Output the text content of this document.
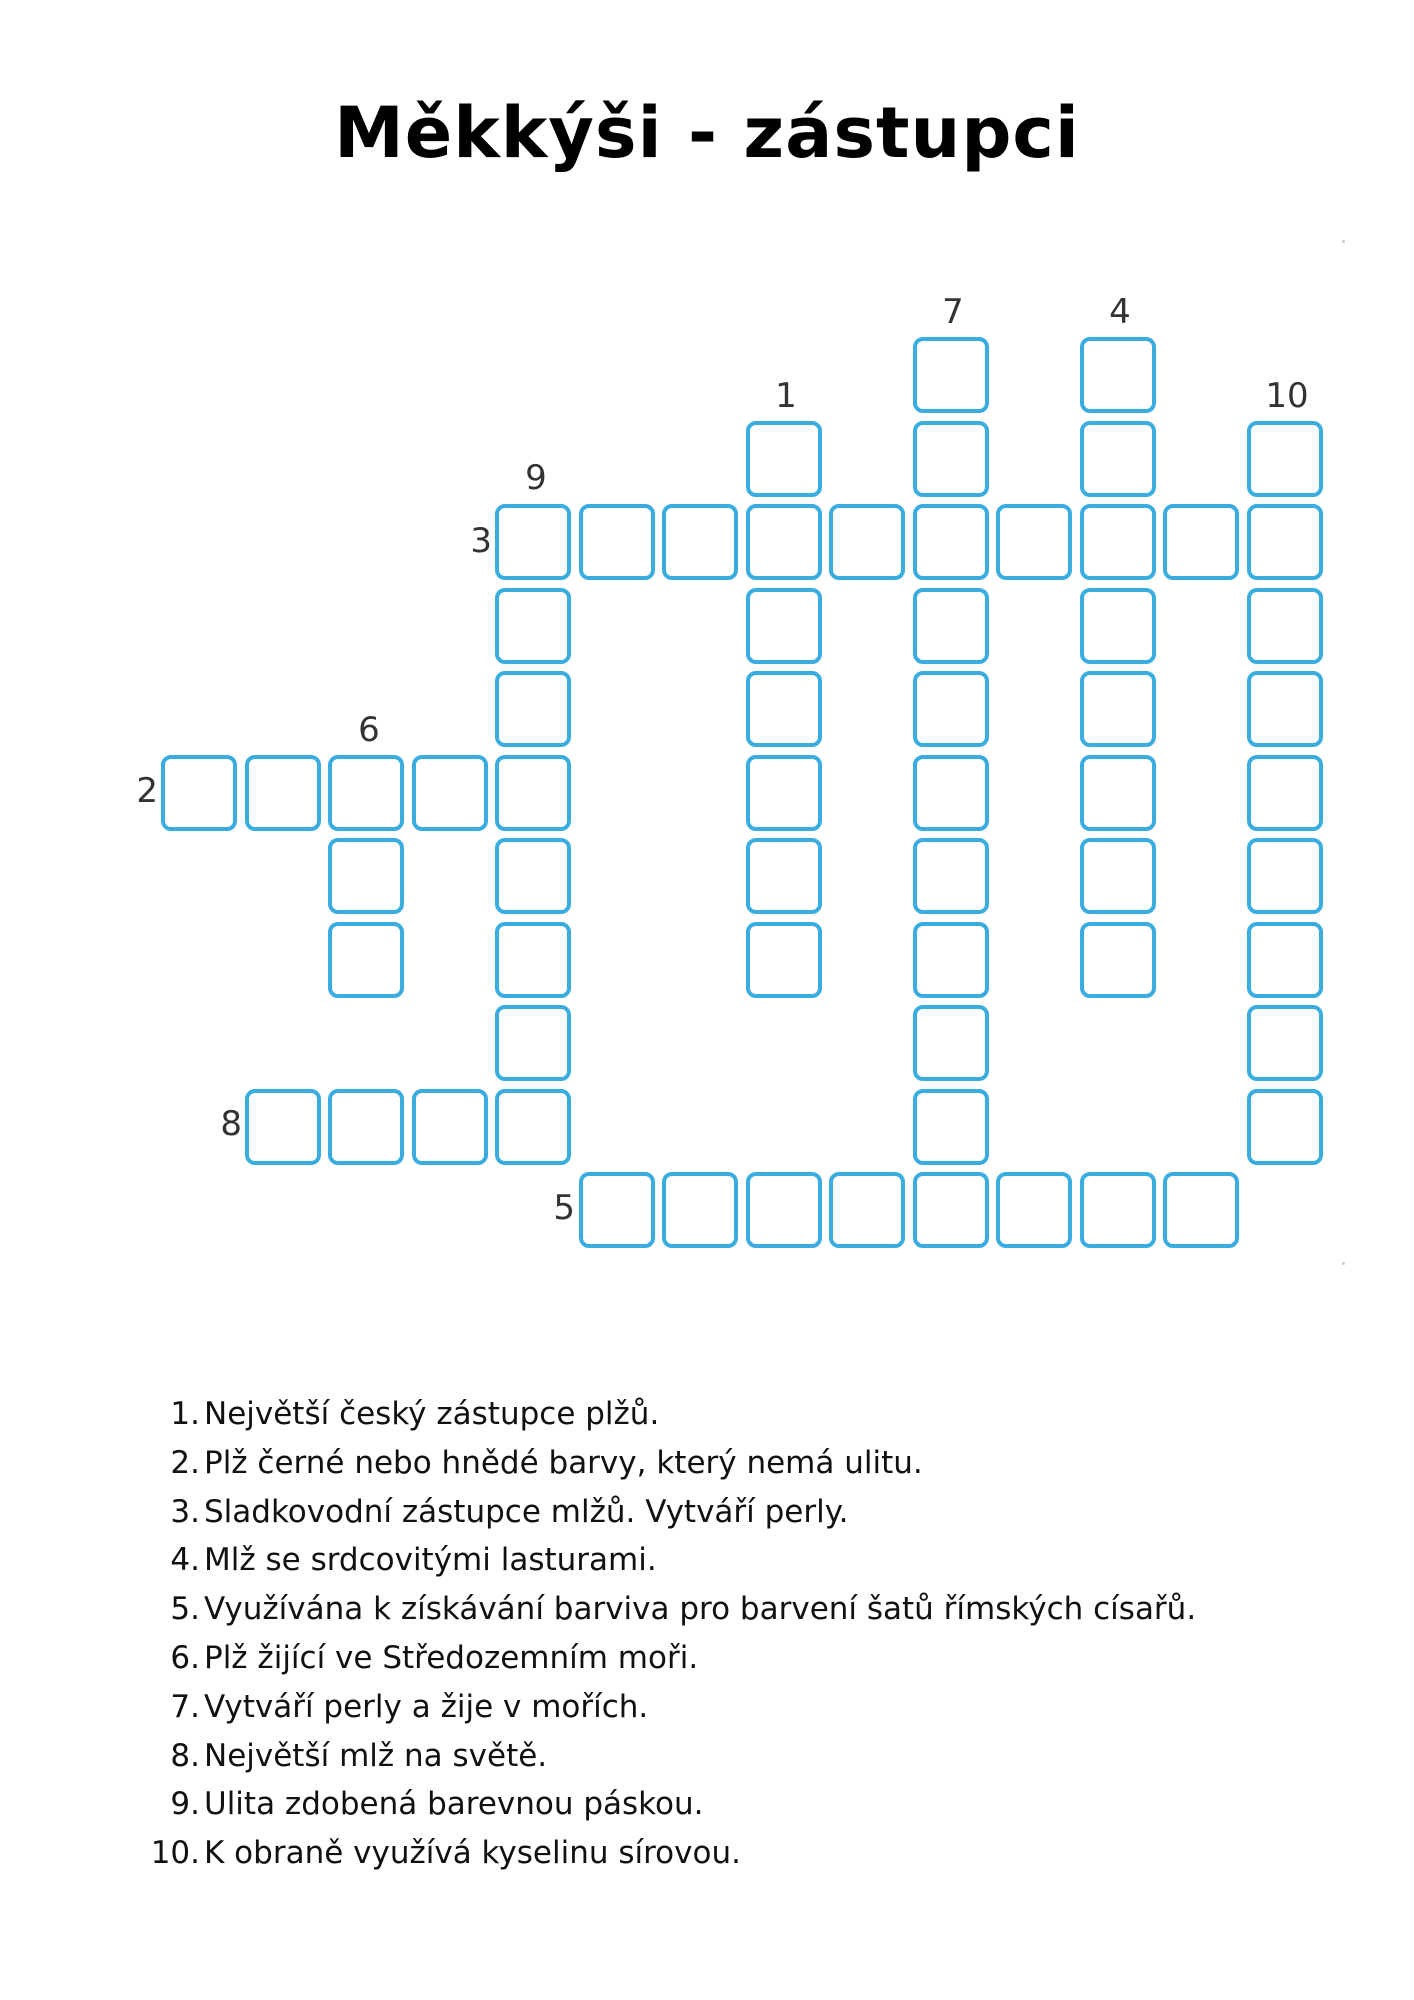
Měkkýši - zástupci
1
4
6
7
9
10
2
3
5
8
1. Největší český zástupce plžů.
2. Plž černé nebo hnědé barvy, který nemá ulitu.
3. Sladkovodní zástupce mlžů. Vytváří perly.
4. Mlž se srdcovitými lasturami.
5. Využívána k získávání barviva pro barvení šatů římských císařů.
6. Plž žijící ve Středozemním moři.
7. Vytváří perly a žije v mořích.
8. Největší mlž na světě.
9. Ulita zdobená barevnou páskou.
10. K obraně využívá kyselinu sírovou.
